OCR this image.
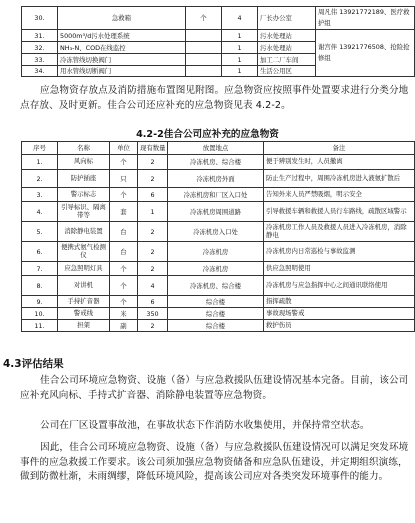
30.	急救箱	个	4	厂长办公室	周凡伟 13921772189、医疗救护组
31.	5000m³/d污水处理系统		1	污水处理站	谢宫伴 13921776508、抢险抢修组
32.	NH₃-N、COD在线监控		1	污水处理站	
33.	冷冻管线切换阀门		1	加工二厂车间	
34.	用水管线切断阀门		1	生活公用区	
应急物资存放点及消防措施布置图见附图。应急物资应按照事件处置要求进行分类分地点存放、及时更新。佳合公司还应补充的应急物资见表 4.2-2。
4.2-2佳合公司应补充的应急物资
序号	名称	单位	现有数量	放置地点	备注
1.	风向标	个	2	冷冻机房、综合楼	便于辨别发生时，人员撤离
2.	防护插座	只	2	冷冻机房外面	防止生产过程中，周围冷冻机房进入液氨扩散后
3.	警示标志	个	6	冷冻机房和厂区入口处	告知外来人员严禁吸烟，明示安全
4.	引导标识、隔离带等	套	1	冷冻机房周围道路	引导救援车辆和救援人员行车路线，疏散区域警示
5.	消除静电装置	台	2	冷冻机房入口处	冷冻机房工作人员及救援人员进入冷冻机房，消除静电
6.	便携式氨气检测仪	台	2	冷冻机房	冷冻机房内日常巡检与事故监测
7.	应急照明灯具	个	2	冷冻机房	供应急照明使用
8.	对讲机	个	4	冷冻机房、综合楼	冷冻机房与应急指挥中心之间通讯联络使用
9.	手持扩音器	个	6	综合楼	指挥疏散
10.	警戒线	米	350	综合楼	事故现场警戒
11.	担架	副	2	综合楼	救护伤员
4.3评估结果
佳合公司环境应急物资、设施（备）与应急救援队伍建设情况基本完备。目前，该公司应补充风向标、手持式扩音器、消除静电装置等应急物资。
公司在厂区设置事故池，在事故状态下作消防水收集使用，并保持常空状态。
因此，佳合公司环境应急物资、设施（备）与应急救援队伍建设情况可以满足突发环境事件的应急救援工作要求。该公司须加强应急物资储备和应急队伍建设，并定期组织演练，做到防微杜渐，未雨绸缪，降低环境风险，提高该公司应对各类突发环境事件的能力。
